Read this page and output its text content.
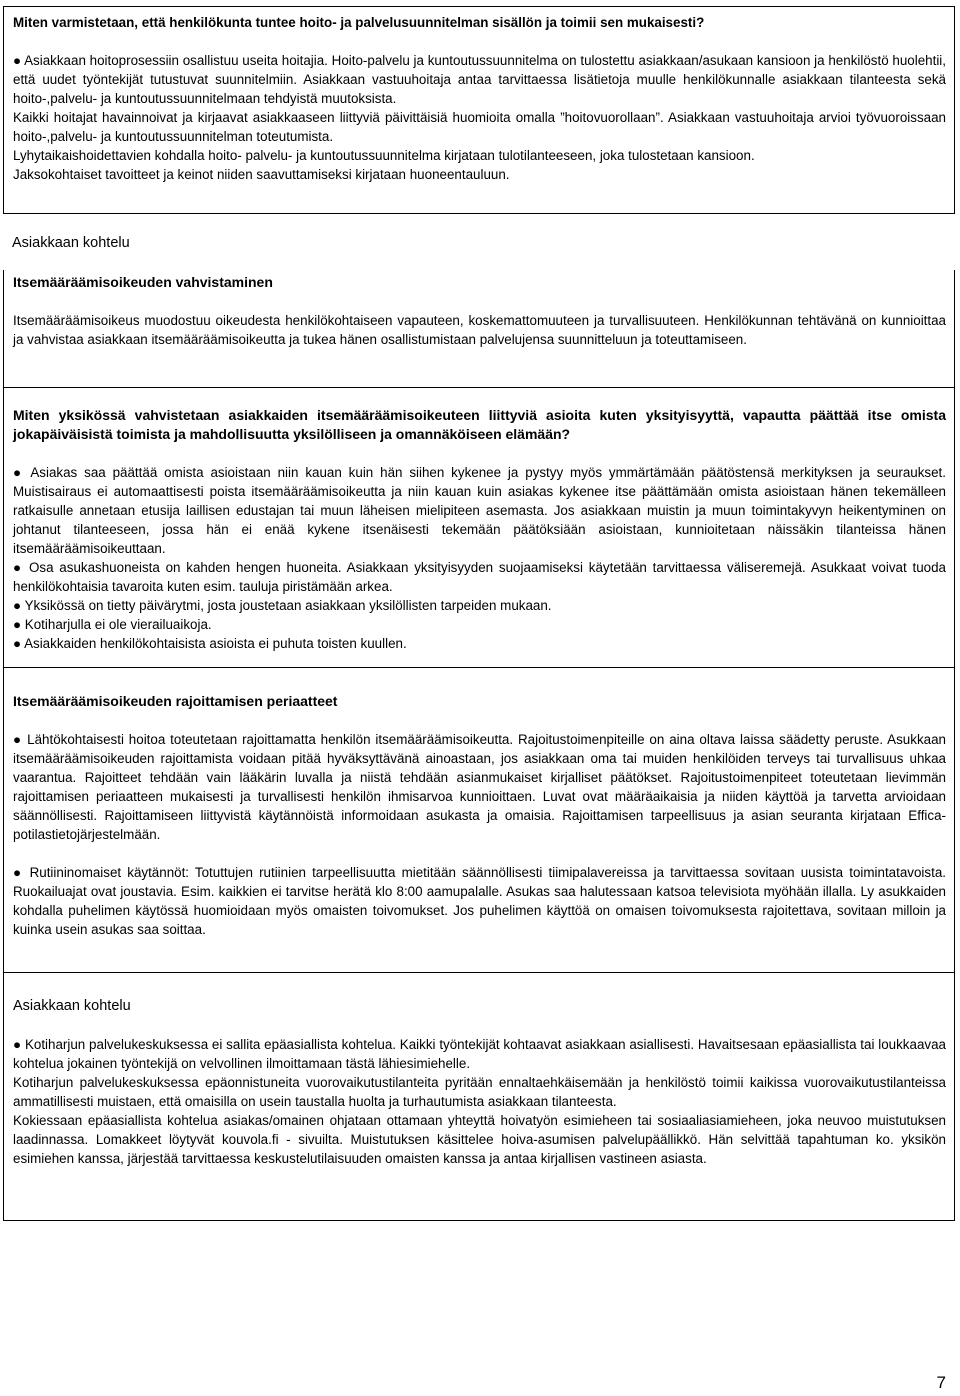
Miten varmistetaan, että henkilökunta tuntee hoito- ja palvelusuunnitelman sisällön ja toimii sen mukaisesti?

● Asiakkaan hoitoprosessiin osallistuu useita hoitajia. Hoito-palvelu ja kuntoutussuunnitelma on tulostettu asiakkaan/asukaan kansioon ja henkilöstö huolehtii, että uudet työntekijät tutustuvat suunnitelmiin. Asiakkaan vastuuhoitaja antaa tarvittaessa lisätietoja muulle henkilökunnalle asiakkaan tilanteesta sekä hoito-,palvelu- ja kuntoutussuunnitelmaan tehdyistä muutoksista.

Kaikki hoitajat havainnoivat ja kirjaavat asiakkaaseen liittyviä päivittäisiä huomioita omalla ”hoitovuorollaan”. Asiakkaan vastuuhoitaja arvioi työvuoroissaan hoito-,palvelu- ja kuntoutussuunnitelman toteutumista.

Lyhytaikaishoidettavien kohdalla hoito- palvelu- ja kuntoutussuunnitelma kirjataan tulotilanteeseen, joka tulostetaan kansioon.

Jaksokohtaiset tavoitteet ja keinot niiden saavuttamiseksi kirjataan huoneentauluun.

Asiakkaan kohtelu

Itsemääräämisoikeuden vahvistaminen

Itsemääräämisoikeus muodostuu oikeudesta henkilökohtaiseen vapauteen, koskemattomuuteen ja turvallisuuteen. Henkilökunnan tehtävänä on kunnioittaa ja vahvistaa asiakkaan itsemääräämisoikeutta ja tukea hänen osallistumistaan palvelujensa suunnitteluun ja toteuttamiseen.

Miten yksikössä vahvistetaan asiakkaiden itsemääräämisoikeuteen liittyviä asioita kuten yksityisyyttä, vapautta päättää itse omista jokapäiväisistä toimista ja mahdollisuutta yksilölliseen ja omannäköiseen elämään?

● Asiakas saa päättää omista asioistaan niin kauan kuin hän siihen kykenee ja pystyy myös ymmärtämään päätöstensä merkityksen ja seuraukset. Muistisairaus ei automaattisesti poista itsemääräämisoikeutta ja niin kauan kuin asiakas kykenee itse päättämään omista asioistaan hänen tekemälleen ratkaisulle annetaan etusija laillisen edustajan tai muun läheisen mielipiteen asemasta. Jos asiakkaan muistin ja muun toimintakyvyn heikentyminen on johtanut tilanteeseen, jossa hän ei enää kykene itsenäisesti tekemään päätöksiään asioistaan, kunnioitetaan näissäkin tilanteissa hänen itsemääräämisoikeuttaan.

● Osa asukashuoneista on kahden hengen huoneita. Asiakkaan yksityisyyden suojaamiseksi käytetään tarvittaessa väliseremejä. Asukkaat voivat tuoda henkilökohtaisia tavaroita kuten esim. tauluja piristämään arkea.

● Yksikössä on tietty päivärytmi, josta joustetaan asiakkaan yksilöllisten tarpeiden mukaan.

● Kotiharjulla ei ole vierailuaikoja.

● Asiakkaiden henkilökohtaisista asioista ei puhuta toisten kuullen.

Itsemääräämisoikeuden rajoittamisen periaatteet

● Lähtökohtaisesti hoitoa toteutetaan rajoittamatta henkilön itsemääräämisoikeutta. Rajoitustoimenpiteille on aina oltava laissa säädetty peruste. Asukkaan itsemääräämisoikeuden rajoittamista voidaan pitää hyväksyttävänä ainoastaan, jos asiakkaan oma tai muiden henkilöiden terveys tai turvallisuus uhkaa vaarantua. Rajoitteet tehdään vain lääkärin luvalla ja niistä tehdään asianmukaiset kirjalliset päätökset. Rajoitustoimenpiteet toteutetaan lievimmän rajoittamisen periaatteen mukaisesti ja turvallisesti henkilön ihmisarvoa kunnioittaen. Luvat ovat määräaikaisia ja niiden käyttöä ja tarvetta arvioidaan säännöllisesti. Rajoittamiseen liittyvistä käytännöistä informoidaan asukasta ja omaisia. Rajoittamisen tarpeellisuus ja asian seuranta kirjataan Effica-potilastietojärjestelmään.

● Rutiininomaiset käytännöt: Totuttujen rutiinien tarpeellisuutta mietitään säännöllisesti tiimipalavereissa ja tarvittaessa sovitaan uusista toimintatavoista. Ruokailuajat ovat joustavia. Esim. kaikkien ei tarvitse herätä klo 8:00 aamupalalle. Asukas saa halutessaan katsoa televisiota myöhään illalla. Ly asukkaiden kohdalla puhelimen käytössä huomioidaan myös omaisten toivomukset. Jos puhelimen käyttöä on omaisen toivomuksesta rajoitettava, sovitaan milloin ja kuinka usein asukas saa soittaa.

Asiakkaan kohtelu

● Kotiharjun palvelukeskuksessa ei sallita epäasiallista kohtelua. Kaikki työntekijät kohtaavat asiakkaan asiallisesti. Havaitsesaan epäasiallista tai loukkaavaa kohtelua jokainen työntekijä on velvollinen ilmoittamaan tästä lähiesimiehelle.

Kotiharjun palvelukeskuksessa epäonnistuneita vuorovaikutustilanteita pyritään ennaltaehkäisemään ja henkilöstö toimii kaikissa vuorovaikutustilanteissa ammatillisesti muistaen, että omaisilla on usein taustalla huolta ja turhautumista asiakkaan tilanteesta.

Kokiessaan epäasiallista kohtelua asiakas/omainen ohjataan ottamaan yhteyttä hoivatyön esimieheen tai sosiaaliasiamieheen, joka neuvoo muistutuksen laadinnassa. Lomakkeet löytyvät kouvola.fi - sivuilta. Muistutuksen käsittelee hoiva-asumisen palvelupäällikkö. Hän selvittää tapahtuman ko. yksikön esimiehen kanssa, järjestää tarvittaessa keskustelutilaisuuden omaisten kanssa ja antaa kirjallisen vastineen asiasta.

7
